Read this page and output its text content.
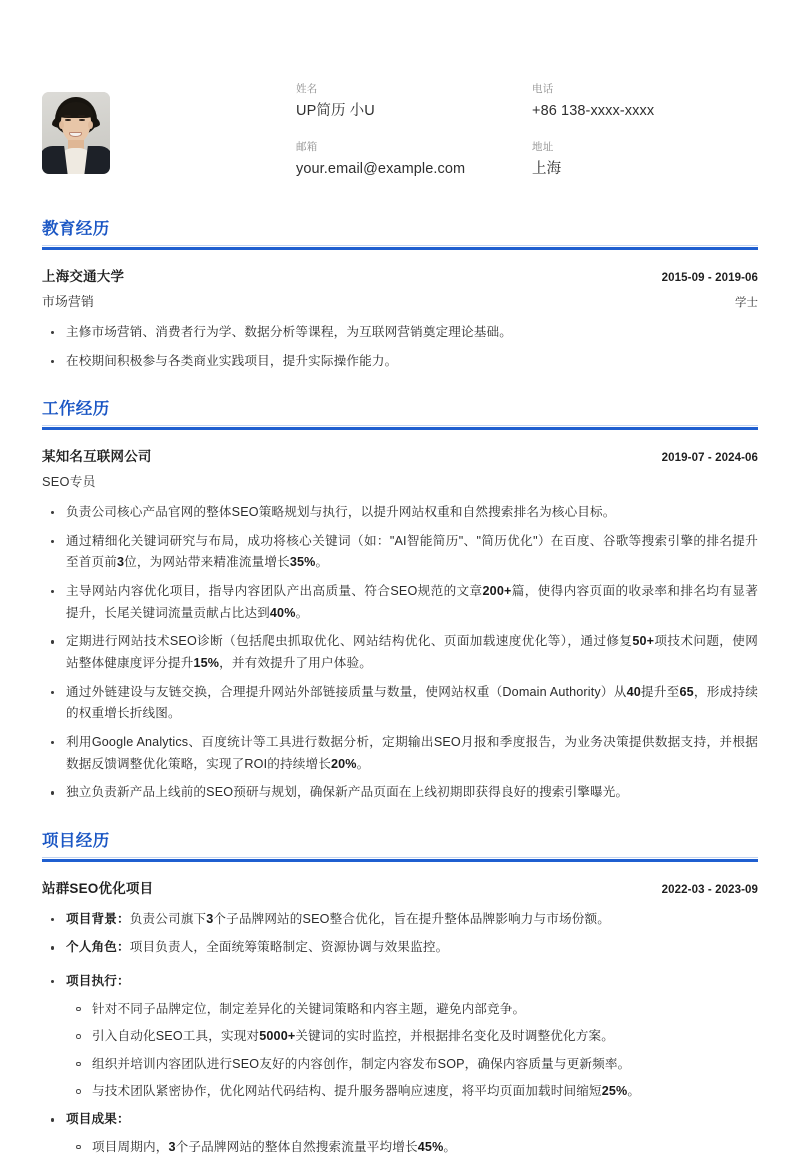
姓名
UP简历 小U
电话
+86 138-xxxx-xxxx
邮箱
your.email@example.com
地址
上海
教育经历
上海交通大学	2015-09 - 2019-06
市场营销	学士
主修市场营销、消费者行为学、数据分析等课程，为互联网营销奠定理论基础。
在校期间积极参与各类商业实践项目，提升实际操作能力。
工作经历
某知名互联网公司	2019-07 - 2024-06
SEO专员
负责公司核心产品官网的整体SEO策略规划与执行，以提升网站权重和自然搜索排名为核心目标。
通过精细化关键词研究与布局，成功将核心关键词（如："AI智能简历"、"简历优化"）在百度、谷歌等搜索引擎的排名提升至首页前3位，为网站带来精准流量增长35%。
主导网站内容优化项目，指导内容团队产出高质量、符合SEO规范的文章200+篇，使得内容页面的收录率和排名均有显著提升，长尾关键词流量贡献占比达到40%。
定期进行网站技术SEO诊断（包括爬虫抓取优化、网站结构优化、页面加载速度优化等），通过修复50+项技术问题，使网站整体健康度评分提升15%，并有效提升了用户体验。
通过外链建设与友链交换，合理提升网站外部链接质量与数量，使网站权重（Domain Authority）从40提升至65，形成持续的权重增长折线图。
利用Google Analytics、百度统计等工具进行数据分析，定期输出SEO月报和季度报告，为业务决策提供数据支持，并根据数据反馈调整优化策略，实现了ROI的持续增长20%。
独立负责新产品上线前的SEO预研与规划，确保新产品页面在上线初期即获得良好的搜索引擎曝光。
项目经历
站群SEO优化项目	2022-03 - 2023-09
项目背景：负责公司旗下3个子品牌网站的SEO整合优化，旨在提升整体品牌影响力与市场份额。
个人角色：项目负责人，全面统筹策略制定、资源协调与效果监控。
项目执行：
针对不同子品牌定位，制定差异化的关键词策略和内容主题，避免内部竞争。
引入自动化SEO工具，实现对5000+关键词的实时监控，并根据排名变化及时调整优化方案。
组织并培训内容团队进行SEO友好的内容创作，制定内容发布SOP，确保内容质量与更新频率。
与技术团队紧密协作，优化网站代码结构、提升服务器响应速度，将平均页面加载时间缩短25%。
项目成果：
项目周期内，3个子品牌网站的整体自然搜索流量平均增长45%。
